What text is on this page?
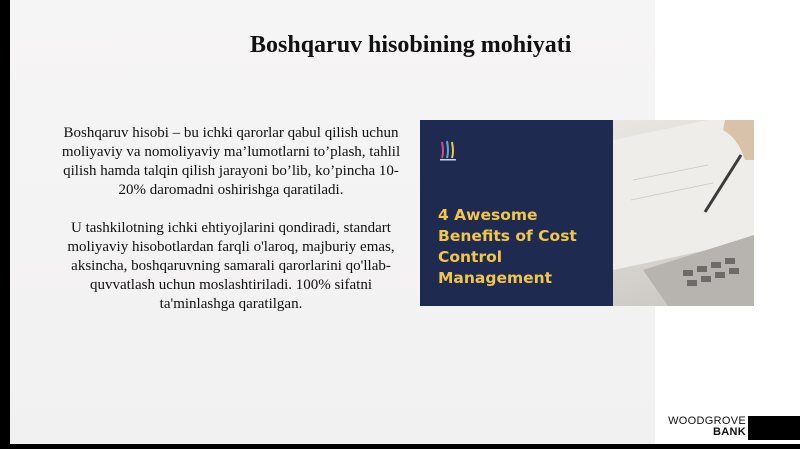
Boshqaruv hisobining mohiyati

Boshqaruv hisobi – bu ichki qarorlar qabul qilish uchun moliyaviy va nomoliyaviy ma’lumotlarni to’plash, tahlil qilish hamda talqin qilish jarayoni bo’lib, ko’pincha 10-20% daromadni oshirishga qaratiladi.

U tashkilotning ichki ehtiyojlarini qondiradi, standart moliyaviy hisobotlardan farqli o'laroq, majburiy emas, aksincha, boshqaruvning samarali qarorlarini qo'llab-quvvatlash uchun moslashtiriladi. 100% sifatni ta'minlashga qaratilgan.

4 Awesome Benefits of Cost Control Management
WOODGROVE
BANK
